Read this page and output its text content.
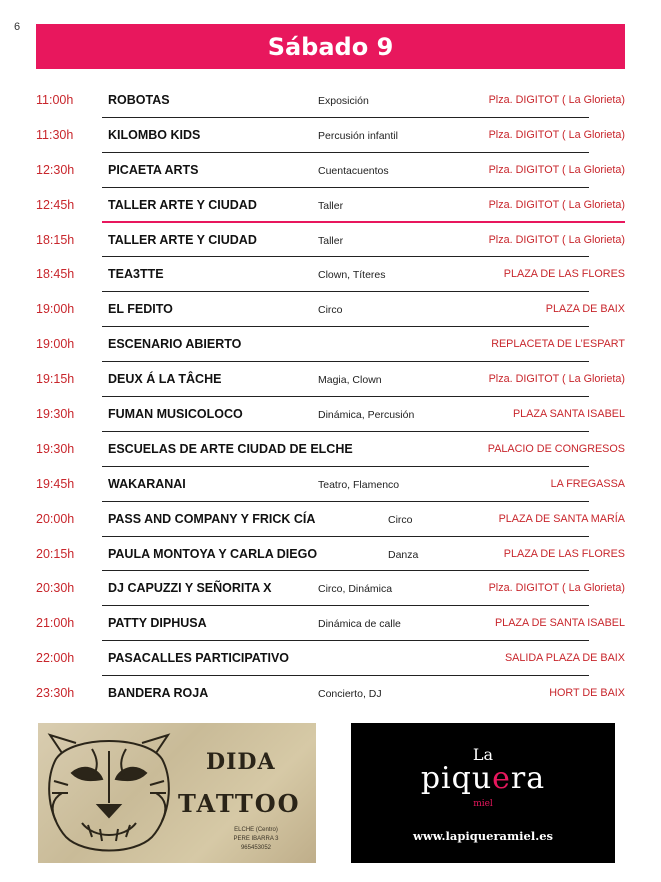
6
Sábado 9
11:00h	ROBOTAS	Exposición	Plza. DIGITOT ( La Glorieta)
11:30h	KILOMBO KIDS	Percusión infantil	Plza. DIGITOT ( La Glorieta)
12:30h	PICAETA ARTS	Cuentacuentos	Plza. DIGITOT ( La Glorieta)
12:45h	TALLER ARTE Y CIUDAD	Taller	Plza. DIGITOT ( La Glorieta)
18:15h	TALLER ARTE Y CIUDAD	Taller	Plza. DIGITOT ( La Glorieta)
18:45h	TEA3TTE	Clown, Títeres	PLAZA DE LAS FLORES
19:00h	EL FEDITO	Circo	PLAZA DE BAIX
19:00h	ESCENARIO ABIERTO	REPLACETA DE L’ESPART
19:15h	DEUX Á LA TÂCHE	Magia, Clown	Plza. DIGITOT ( La Glorieta)
19:30h	FUMAN MUSICOLOCO	Dinámica, Percusión	PLAZA SANTA ISABEL
19:30h	ESCUELAS DE ARTE CIUDAD DE ELCHE	PALACIO DE CONGRESOS
19:45h	WAKARANAI	Teatro, Flamenco	LA FREGASSA
20:00h	PASS AND COMPANY Y FRICK CÍA	Circo	PLAZA DE SANTA MARÍA
20:15h	PAULA MONTOYA Y CARLA DIEGO	Danza	PLAZA DE LAS FLORES
20:30h	DJ CAPUZZI Y SEÑORITA X	Circo, Dinámica	Plza. DIGITOT ( La Glorieta)
21:00h	PATTY DIPHUSA	Dinámica de calle	PLAZA DE SANTA ISABEL
22:00h	PASACALLES PARTICIPATIVO	SALIDA PLAZA DE BAIX
23:30h	BANDERA ROJA	Concierto, DJ	HORT DE BAIX
DIDA
TATTOO
ELCHE (Centro)
PERE IBARRA 3
965453052
La
piquera
miel
www.lapiqueramiel.es
